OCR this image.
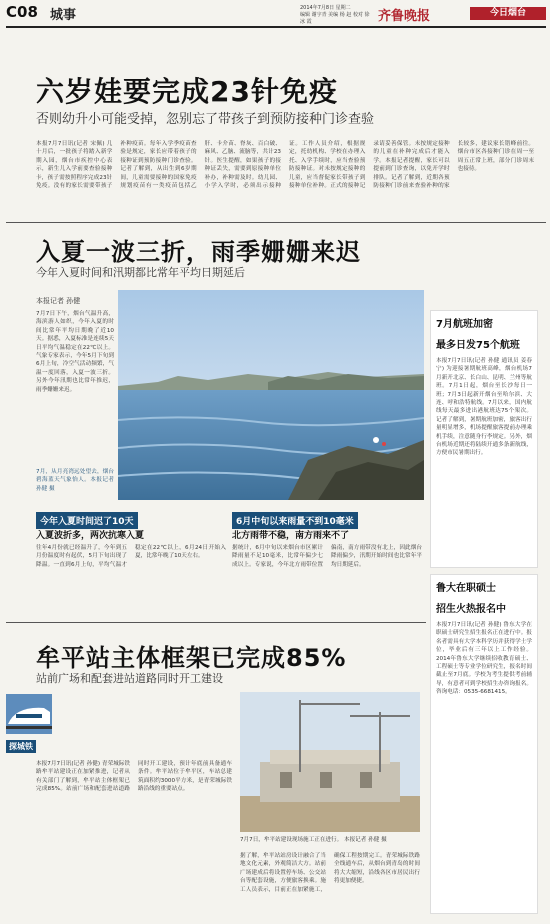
C08 城事	2014年7月8日 星期二
编辑 谢宇青 美编 杨 赵 校对 徐冰 霞	齐鲁晚报	今日烟台
六岁娃要完成23针免疫
否则幼升小可能受掉，忽别忘了带孩子到预防接种门诊查验
本报7月7日讯(记者 宋佩) 几十月后，一批孩子将踏入新学期入园，烟台市疾控中心表示，新生儿入学前要查验接种卡，孩子需按照程序完成23针免疫。没有的家长需要带孩子补种疫苗。每年入学季疫苗查验是规定，家长应带着孩子的接种证到预防接种门诊查验。记者了解到，从出生到6岁期间，儿童需要接种的国家免疫规划疫苗有一类疫苗包括乙肝、卡介苗、脊灰、百白破、麻风、乙脑、流脑等，共计23针。医生提醒，如果孩子的接种证丢失，需要到原接种单位补办，补种需及时。幼儿园、小学入学时，必须出示接种证。工作人员介绍，根据规定，托幼机构、学校在办理入托、入学手续时，应当查验预防接种证。对未按规定接种的儿童，应当督促家长带孩子到接种单位补种。正式的接种记录请妥善保管。未按规定接种的儿童在补种完成后才能入学。本报记者提醒，家长可以提前到门诊查询，以免开学时排队。记者了解到，近期各预防接种门诊前来查验补种的家长较多，建议家长错峰前往。烟台市区各接种门诊在周一至周五正常上班，部分门诊周末也接待。
入夏一波三折，雨季姗姗来迟
今年入夏时间和汛期都比常年平均日期延后
本报记者 孙健
7月7日下午，烟台气温升高，海滨游人如织，今年入夏的时间比常年平均日期晚了近10天。据悉，入夏标准是连续5天日平均气温稳定在22℃以上。气象专家表示，今年5月下旬到6月上旬，冷空气活动频繁，气温一度回落，入夏一波三折。另外今年汛期也比常年推迟，雨季姗姗来迟。
7月，从月亮湾远处望去，烟台碧海蓝天气象怡人。本报记者 孙健 摄
今年入夏时间迟了10天
入夏波折多，两次抗寒入夏
往年4月份就已经温升了，今年到五月份温度时有起伏，5月下旬出现了降温。一直到6月上旬，平均气温才稳定在22℃以上，6月24日开始入夏，比常年晚了10天左右。
6月中旬以来雨量不到10毫米
北方雨带不稳，南方雨来不了
据统计，6月中旬以来烟台市区累计降雨量不足10毫米，比常年偏少七成以上。专家说，今年北方雨带位置偏南，南方雨带没有北上，因此烟台降雨偏少，汛期开始时间也比常年平均日期延后。
7月航班加密
最多日发75个航班
本报7月7日讯(记者 孙健 通讯员 姜春宁) 为迎接暑期航班高峰，烟台机场7月新开北京、长白山、昆明、兰州等航班。7月1日起，烟台至长沙每日一班；7月3日起新开烟台至哈尔滨、大连、呼和浩特航线。7月以来，国内航线每天最多进出港航班达75个架次。记者了解到，暑期航班加密，旅客出行量明显增多，机场提醒旅客提前办理乘机手续，注意随身行李规定。另外，烟台机场近期还将陆续开通多条新航线，方便市民暑期出行。
鲁大在职硕士
招生火热报名中
本报7月7日讯(记者 孙健) 鲁东大学在职硕士研究生招生报名正在进行中。报名者需具有大学本科学历并获得学士学位，毕业后有三年以上工作经验。2014年鲁东大学继续招收教育硕士、工程硕士等专业学位研究生，报名时间截止至7月底。学校为考生提供考前辅导，有意者可到学校招生办咨询报名。咨询电话：0535-6681415。
牟平站主体框架已完成85%
站前广场和配套进站道路同时开工建设
探城铁
本报7月7日讯(记者 孙健) 青荣城际铁路牟平站建设正在加紧推进，记者从有关部门了解到，牟平站主体框架已完成85%。站前广场和配套进站道路同时开工建设，预计年底前具备通车条件。牟平站位于牟平区，车站总建筑面积约3000平方米，是青荣城际铁路沿线的重要站点。
7月7日，牟平站建设现场施工正在进行。 本报记者 孙健 摄
据了解，牟平站站房设计融合了当地文化元素，外观简洁大方。站前广场建成后将设置停车场、公交站台等配套设施，方便旅客换乘。施工人员表示，目前正在加紧施工，确保工程按期完工。青荣城际铁路全线通车后，从烟台到青岛的时间将大大缩短，沿线各区市居民出行将更加便捷。
